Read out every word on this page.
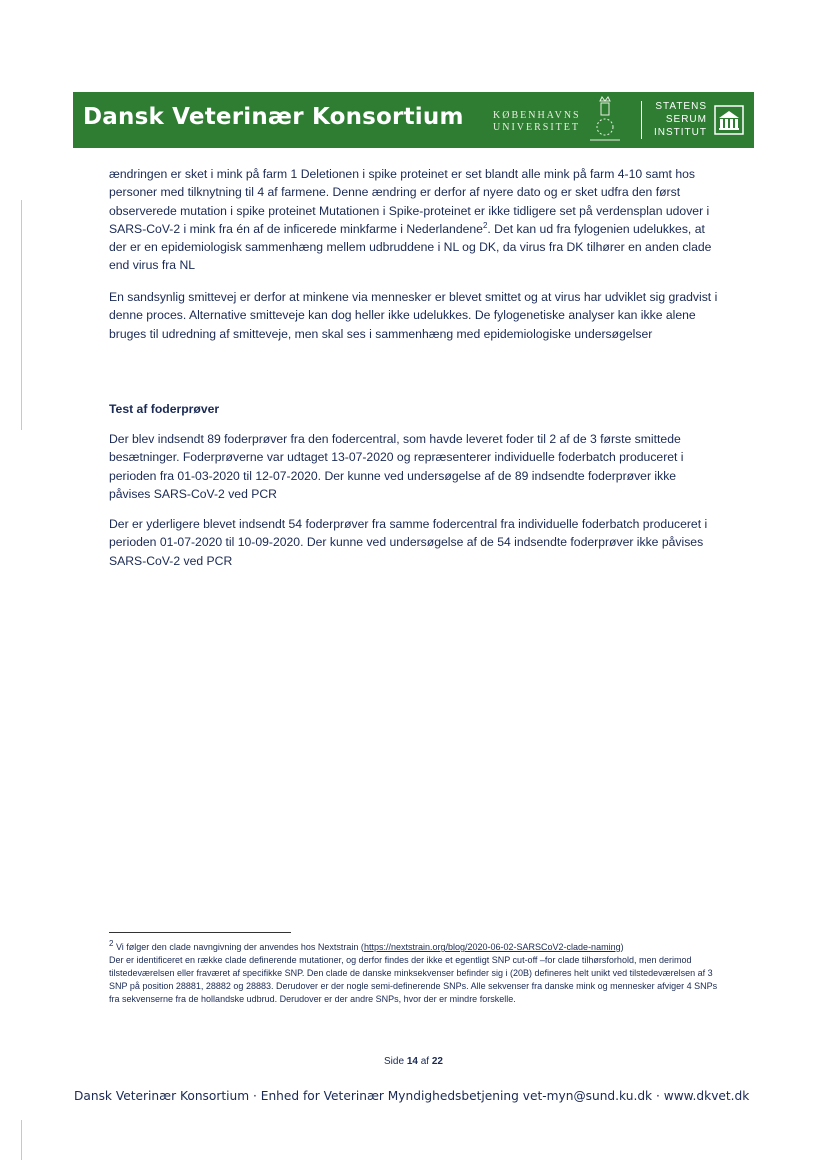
Dansk Veterinær Konsortium	KØBENHAVNS
UNIVERSITET
STATENS
SERUM
INSTITUT

ændringen er sket i mink på farm 1 Deletionen i spike proteinet er set blandt alle mink på farm 4-10 samt hos personer med tilknytning til 4 af farmene. Denne ændring er derfor af nyere dato og er sket udfra den først observerede mutation i spike proteinet Mutationen i Spike-proteinet er ikke tidligere set på verdensplan udover i SARS-CoV-2 i mink fra én af de inficerede minkfarme i Nederlandene$^2$. Det kan ud fra fylogenien udelukkes, at der er en epidemiologisk sammenhæng mellem udbruddene i NL og DK, da virus fra DK tilhører en anden clade end virus fra NL

En sandsynlig smittevej er derfor at minkene via mennesker er blevet smittet og at virus har udviklet sig gradvist i denne proces. Alternative smitteveje kan dog heller ikke udelukkes. De fylogenetiske analyser kan ikke alene bruges til udredning af smitteveje, men skal ses i sammenhæng med epidemiologiske undersøgelser

Test af foderprøver

Der blev indsendt 89 foderprøver fra den fodercentral, som havde leveret foder til 2 af de 3 første smittede besætninger. Foderprøverne var udtaget 13-07-2020 og repræsenterer individuelle foderbatch produceret i perioden fra 01-03-2020 til 12-07-2020. Der kunne ved undersøgelse af de 89 indsendte foderprøver ikke påvises SARS-CoV-2 ved PCR

Der er yderligere blevet indsendt 54 foderprøver fra samme fodercentral fra individuelle foderbatch produceret i perioden 01-07-2020 til 10-09-2020. Der kunne ved undersøgelse af de 54 indsendte foderprøver ikke påvises SARS-CoV-2 ved PCR

$^2$ Vi følger den clade navngivning der anvendes hos Nextstrain (https://nextstrain.org/blog/2020-06-02-SARSCoV2-clade-naming)

Der er identificeret en række clade definerende mutationer, og derfor findes der ikke et egentligt SNP cut-off –for clade tilhørsforhold, men derimod tilstedeværelsen eller fraværet af specifikke SNP. Den clade de danske minksekvenser befinder sig i (20B) defineres helt unikt ved tilstedeværelsen af 3 SNP på position 28881, 28882 og 28883. Derudover er der nogle semi-definerende SNPs. Alle sekvenser fra danske mink og mennesker afviger 4 SNPs fra sekvenserne fra de hollandske udbrud. Derudover er der andre SNPs, hvor der er mindre forskelle.

Side 14 af 22
Dansk Veterinær Konsortium · Enhed for Veterinær Myndighedsbetjening vet-myn@sund.ku.dk · www.dkvet.dk
